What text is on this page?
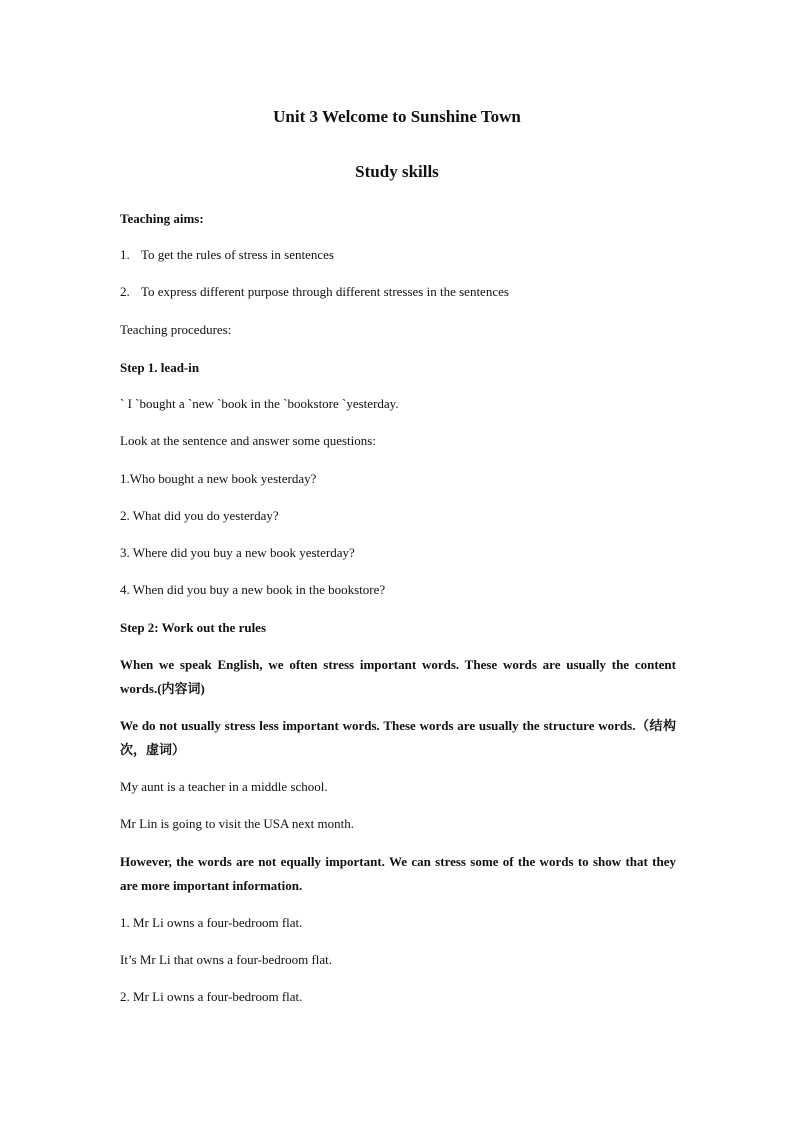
Unit 3 Welcome to Sunshine Town
Study skills
Teaching aims:
1. To get the rules of stress in sentences
2. To express different purpose through different stresses in the sentences
Teaching procedures:
Step 1. lead-in
` I `bought a `new `book in the `bookstore `yesterday.
Look at the sentence and answer some questions:
1.Who bought a new book yesterday?
2. What did you do yesterday?
3. Where did you buy a new book yesterday?
4. When did you buy a new book in the bookstore?
Step 2: Work out the rules
When we speak English, we often stress important words. These words are usually the content words.(内容词)
We do not usually stress less important words. These words are usually the structure words.（结构次，虚词）
My aunt is a teacher in a middle school.
Mr Lin is going to visit the USA next month.
However, the words are not equally important. We can stress some of the words to show that they are more important information.
1. Mr Li owns a four-bedroom flat.
It’s Mr Li that owns a four-bedroom flat.
2. Mr Li owns a four-bedroom flat.
